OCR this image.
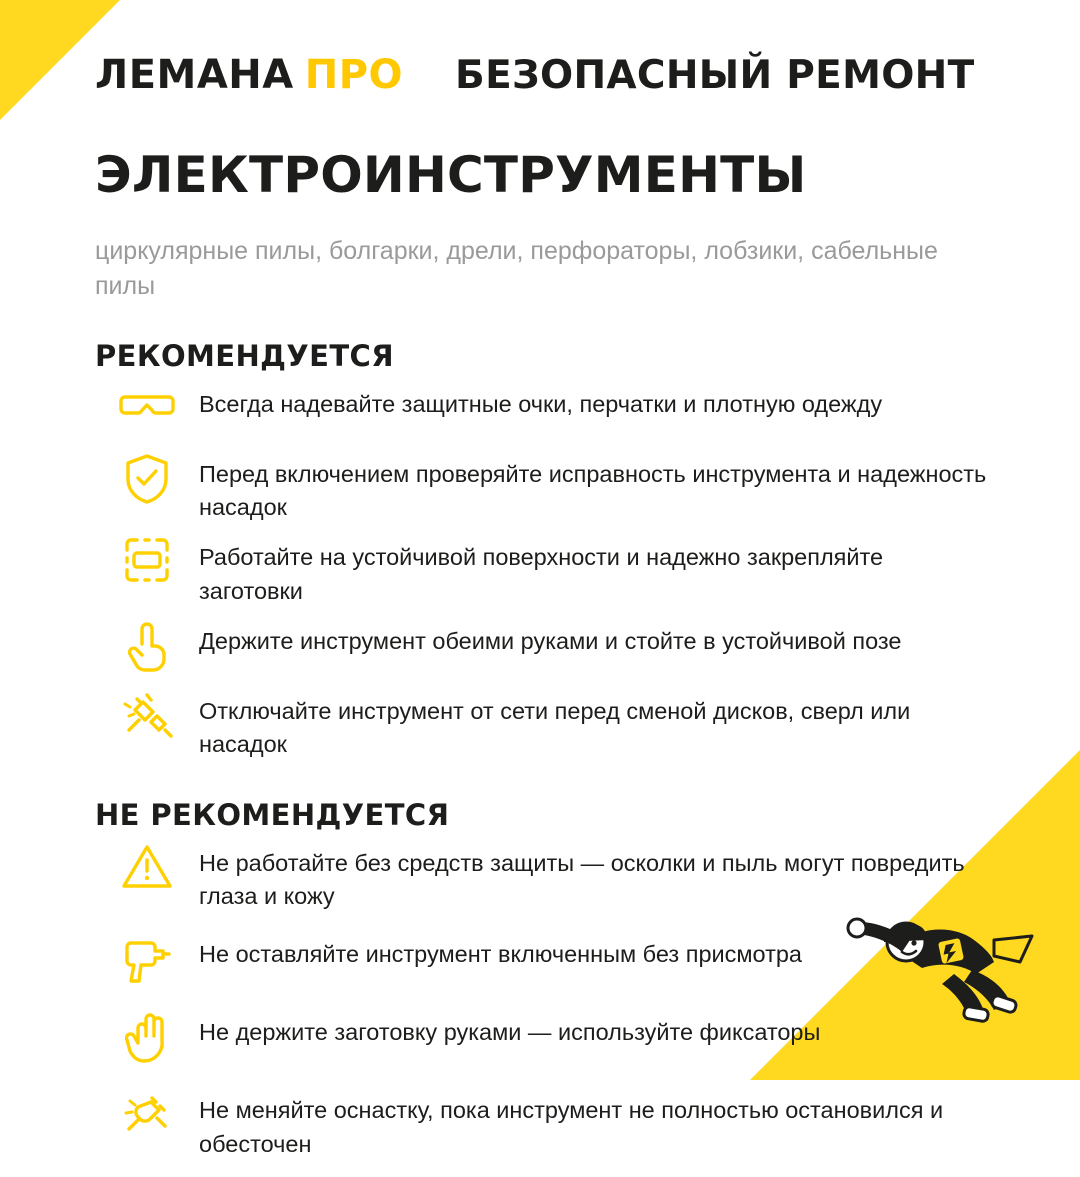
ЛЕМАНА ПРО БЕЗОПАСНЫЙ РЕМОНТ
ЭЛЕКТРОИНСТРУМЕНТЫ

циркулярные пилы, болгарки, дрели, перфораторы, лобзики, сабельные пилы

РЕКОМЕНДУЕТСЯ
Всегда надевайте защитные очки, перчатки и плотную одежду
Перед включением проверяйте исправность инструмента и надежность насадок
Работайте на устойчивой поверхности и надежно закрепляйте заготовки
Держите инструмент обеими руками и стойте в устойчивой позе
Отключайте инструмент от сети перед сменой дисков, сверл или насадок
НЕ РЕКОМЕНДУЕТСЯ
Не работайте без средств защиты — осколки и пыль могут повредить глаза и кожу
Не оставляйте инструмент включенным без присмотра
Не держите заготовку руками — используйте фиксаторы
Не меняйте оснастку, пока инструмент не полностью остановился и обесточен
